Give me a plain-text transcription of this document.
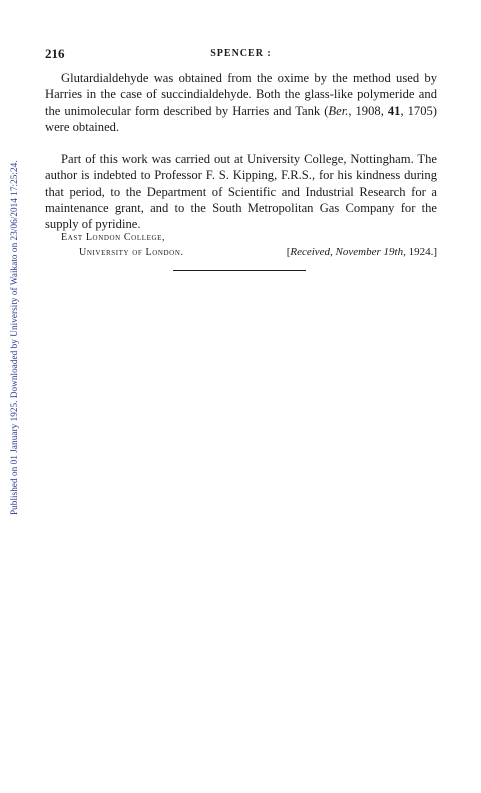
Published on 01 January 1925. Downloaded by University of Waikato on 23/06/2014 17:25:24.
216	SPENCER :

Glutardialdehyde was obtained from the oxime by the method used by Harries in the case of succindialdehyde. Both the glass-like polymeride and the unimolecular form described by Harries and Tank (Ber., 1908, 41, 1705) were obtained.

Part of this work was carried out at University College, Nottingham. The author is indebted to Professor F. S. Kipping, F.R.S., for his kindness during that period, to the Department of Scientific and Industrial Research for a maintenance grant, and to the South Metropolitan Gas Company for the supply of pyridine.

East London College,
University of London.	[Received, November 19th, 1924.]
